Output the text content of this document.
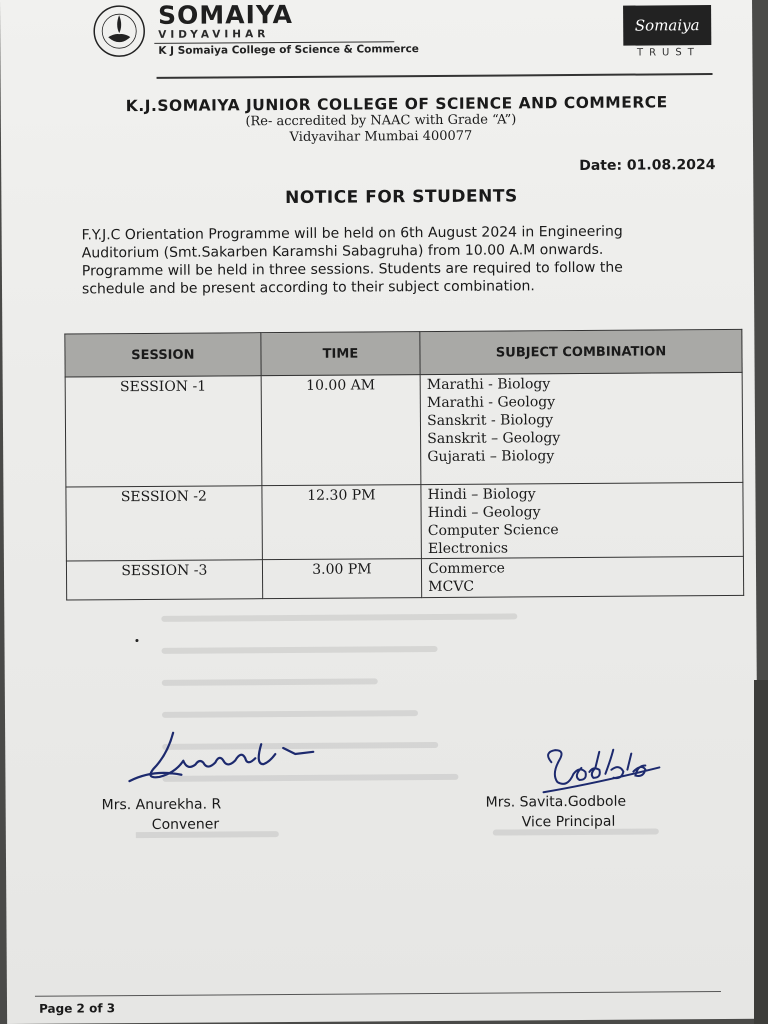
SOMAIYA
VIDYAVIHAR
K J Somaiya College of Science & Commerce
Somaiya
TRUST
K.J.SOMAIYA JUNIOR COLLEGE OF SCIENCE AND COMMERCE
(Re- accredited by NAAC with Grade “A”)
Vidyavihar Mumbai 400077
Date: 01.08.2024
NOTICE FOR STUDENTS
F.Y.J.C Orientation Programme will be held on 6th August 2024 in Engineering
Auditorium (Smt.Sakarben Karamshi Sabagruha) from 10.00 A.M onwards.
Programme will be held in three sessions. Students are required to follow the
schedule and be present according to their subject combination.
SESSION	TIME	SUBJECT COMBINATION
SESSION -1	10.00 AM	Marathi - Biology
Marathi - Geology
Sanskrit - Biology
Sanskrit – Geology
Gujarati – Biology

SESSION -2	12.30 PM	Hindi – Biology
Hindi – Geology
Computer Science
Electronics

SESSION -3	3.00 PM	Commerce
MCVC
Mrs. Anurekha. R
Convener
Mrs. Savita.Godbole
Vice Principal
Page 2 of 3
